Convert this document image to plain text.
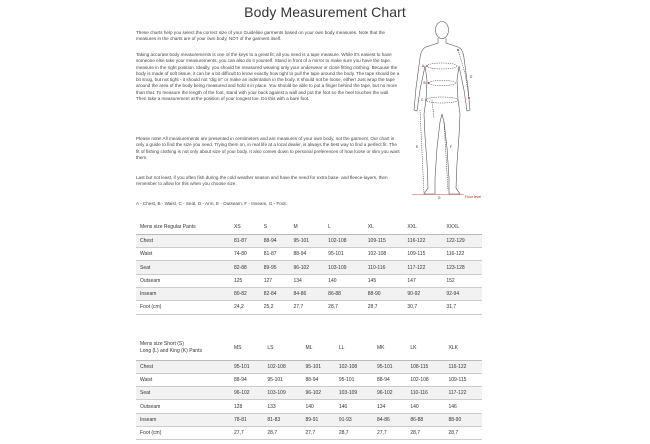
Body Measurement Chart

These charts help you select the correct size of your Guideline garments based on your own body measures. Note that the measures in the charts are of your own body, NOT of the garment itself.

Taking accurate body measurements is one of the keys to a great fit; all you need is a tape measure. While it's easiest to have someone else take your measurements, you can also do it yourself. Stand in front of a mirror to make sure you have the tape measure in the right position. Ideally, you should be measured wearing only your underwear or close fitting clothing. Because the body is made of soft tissue, it can be a bit difficult to know exactly how tight to pull the tape around the body. The tape should be a bit snug, but not tight - it should not "dig in" or make an indentation in the body. It should not be loose, either! Just wrap the tape around the area of the body being measured and hold it in place. You should be able to put a finger behind the tape, but no more than that. To measure the length of the foot, stand with your back against a wall and put the foot so the heel touches the wall. Then take a measurement at the position of your longest toe. Do this with a bare foot.

Please note! All measurements are presented in centimeters and are measures of your own body, not the garment. Our chart is only a guide to find the size you need. Trying them on, in real life at a local dealer, is always the best way to find a perfect fit. The fit of fishing clothing is not only about size of your body. It also comes down to personal preferences of how loose or slim you want them.

Last but not least, if you often fish during the cold weather season and have the need for extra base- and fleece-layers, then remember to allow for this when you choose size.

A - Chest, B - Waist, C - Seat, D - Arm, E - Outseam, F - Inseam, G - Foot.
A
B
C
D
E	F
G	Floor level
Mens size Regular Pants	XS	S	M	L	XL	XXL	XXXL
Chest	81-87	88-94	95-101	102-108	109-115	116-122	122-129
Waist	74-80	81-87	88-94	95-101	102-108	109-115	116-122
Seat	82-88	89-95	96-102	103-109	110-116	117-122	123-128
Outseam	125	127	134	140	145	147	152
Inseam	80-82	82-84	84-86	86-88	88-90	90-92	92-94
Foot (cm)	24,2	25,2	27,7	28,7	28,7	30,7	31,7
Mens size Short (S)
Long (L) and King (K) Pants	MS	LS	ML	LL	MK	LK	XLK
Chest	95-101	102-108	95-101	102-108	95-101	108-115	116-122
Waist	88-94	95-101	88-94	95-101	88-94	102-108	109-115
Seat	96-102	103-109	96-102	103-109	96-102	110-116	117-122
Outseam	128	133	140	146	134	140	146
Inseam	78-81	81-83	89-91	91-93	84-86	86-88	88-90
Foot (cm)	27,7	28,7	27,7	28,7	27,7	28,7	28,7
